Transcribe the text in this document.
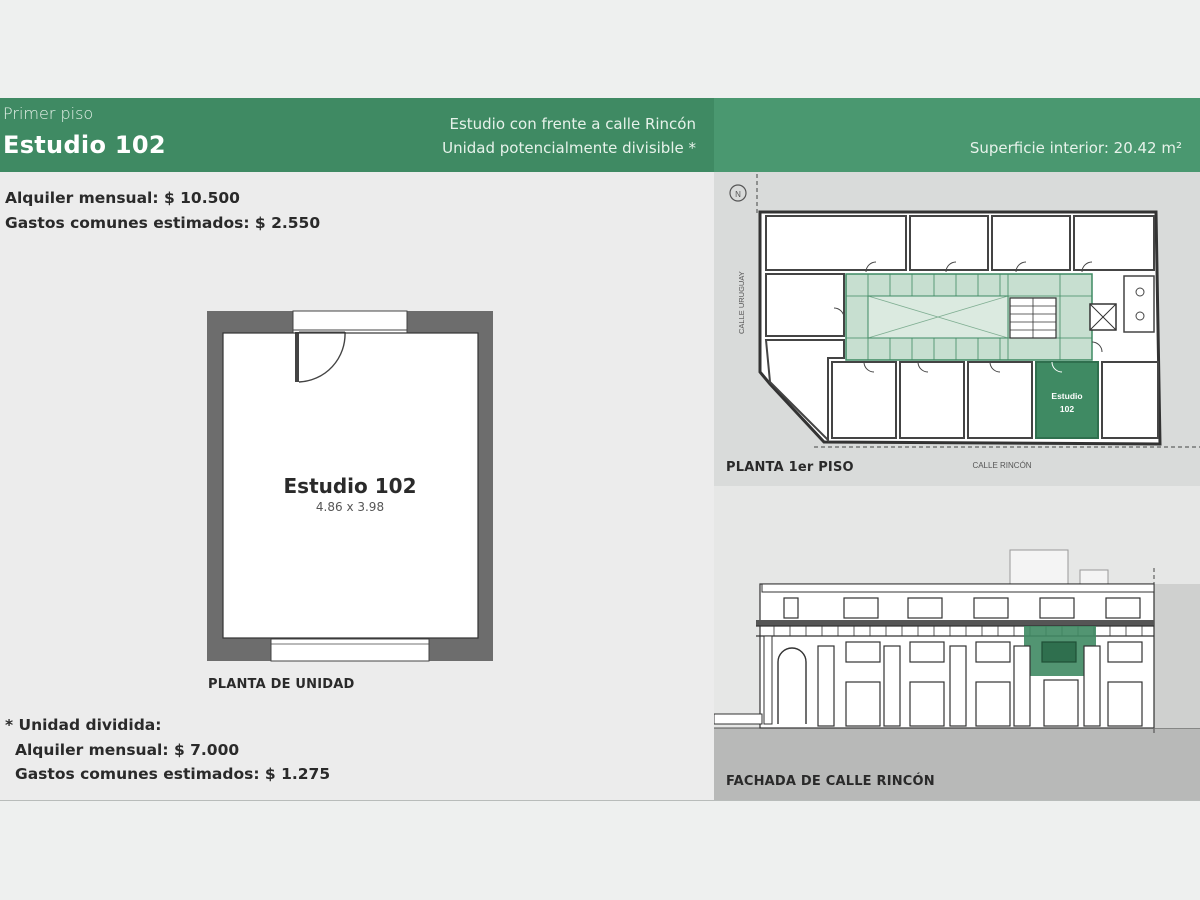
Primer piso
Estudio 102
Estudio con frente a calle Rincón
Unidad potencialmente divisible *	Superficie interior: 20.42 m²
Alquiler mensual: $ 10.500
Gastos comunes estimados: $ 2.550
Estudio 102
4.86 x 3.98
PLANTA DE UNIDAD
* Unidad dividida:
Alquiler mensual: $ 7.000
Gastos comunes estimados: $ 1.275
N
Estudio
102
CALLE URUGUAY
CALLE RINCÓN
PLANTA 1er PISO
FACHADA DE CALLE RINCÓN
